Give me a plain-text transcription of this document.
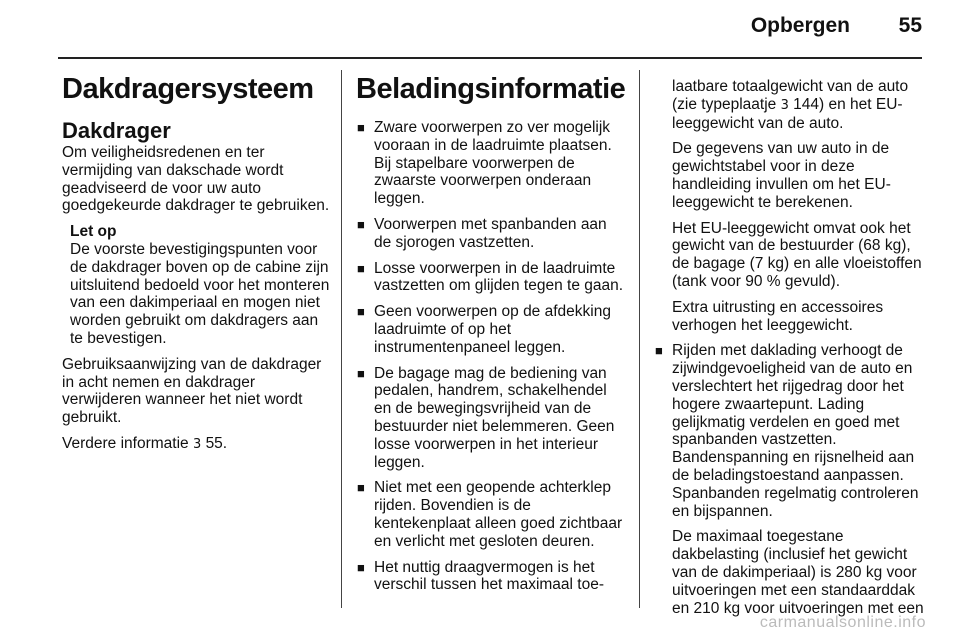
Opbergen	55
Dakdragersysteem
Dakdrager

Om veiligheidsredenen en ter vermijding van dakschade wordt geadviseerd de voor uw auto goedgekeurde dakdrager te gebruiken.

Let op
De voorste bevestigingspunten voor de dakdrager boven op de cabine zijn uitsluitend bedoeld voor het monteren van een dakimperiaal en mogen niet worden gebruikt om dakdragers aan te bevestigen.

Gebruiksaanwijzing van de dakdrager in acht nemen en dakdrager verwijderen wanneer het niet wordt gebruikt.

Verdere informatie 3 55.

Beladingsinformatie
■ Zware voorwerpen zo ver mogelijk vooraan in de laadruimte plaatsen. Bij stapelbare voorwerpen de zwaarste voorwerpen onderaan leggen.
■ Voorwerpen met spanbanden aan de sjorogen vastzetten.
■ Losse voorwerpen in de laadruimte vastzetten om glijden tegen te gaan.
■ Geen voorwerpen op de afdekking laadruimte of op het instrumentenpaneel leggen.
■ De bagage mag de bediening van pedalen, handrem, schakelhendel en de bewegingsvrijheid van de bestuurder niet belemmeren. Geen losse voorwerpen in het interieur leggen.
■ Niet met een geopende achterklep rijden. Bovendien is de kentekenplaat alleen goed zichtbaar en verlicht met gesloten deuren.
■ Het nuttig draagvermogen is het verschil tussen het maximaal toe-

laatbare totaalgewicht van de auto (zie typeplaatje 3 144) en het EU-leeggewicht van de auto.

De gegevens van uw auto in de gewichtstabel voor in deze handleiding invullen om het EU-leeggewicht te berekenen.

Het EU-leeggewicht omvat ook het gewicht van de bestuurder (68 kg), de bagage (7 kg) en alle vloeistoffen (tank voor 90 % gevuld).

Extra uitrusting en accessoires verhogen het leeggewicht.

■ Rijden met daklading verhoogt de zijwindgevoeligheid van de auto en verslechtert het rijgedrag door het hogere zwaartepunt. Lading gelijkmatig verdelen en goed met spanbanden vastzetten. Bandenspanning en rijsnelheid aan de beladingstoestand aanpassen. Spanbanden regelmatig controleren en bijspannen.

De maximaal toegestane dakbelasting (inclusief het gewicht van de dakimperiaal) is 280 kg voor uitvoeringen met een standaarddak en 210 kg voor uitvoeringen met een

carmanualsonline.info
